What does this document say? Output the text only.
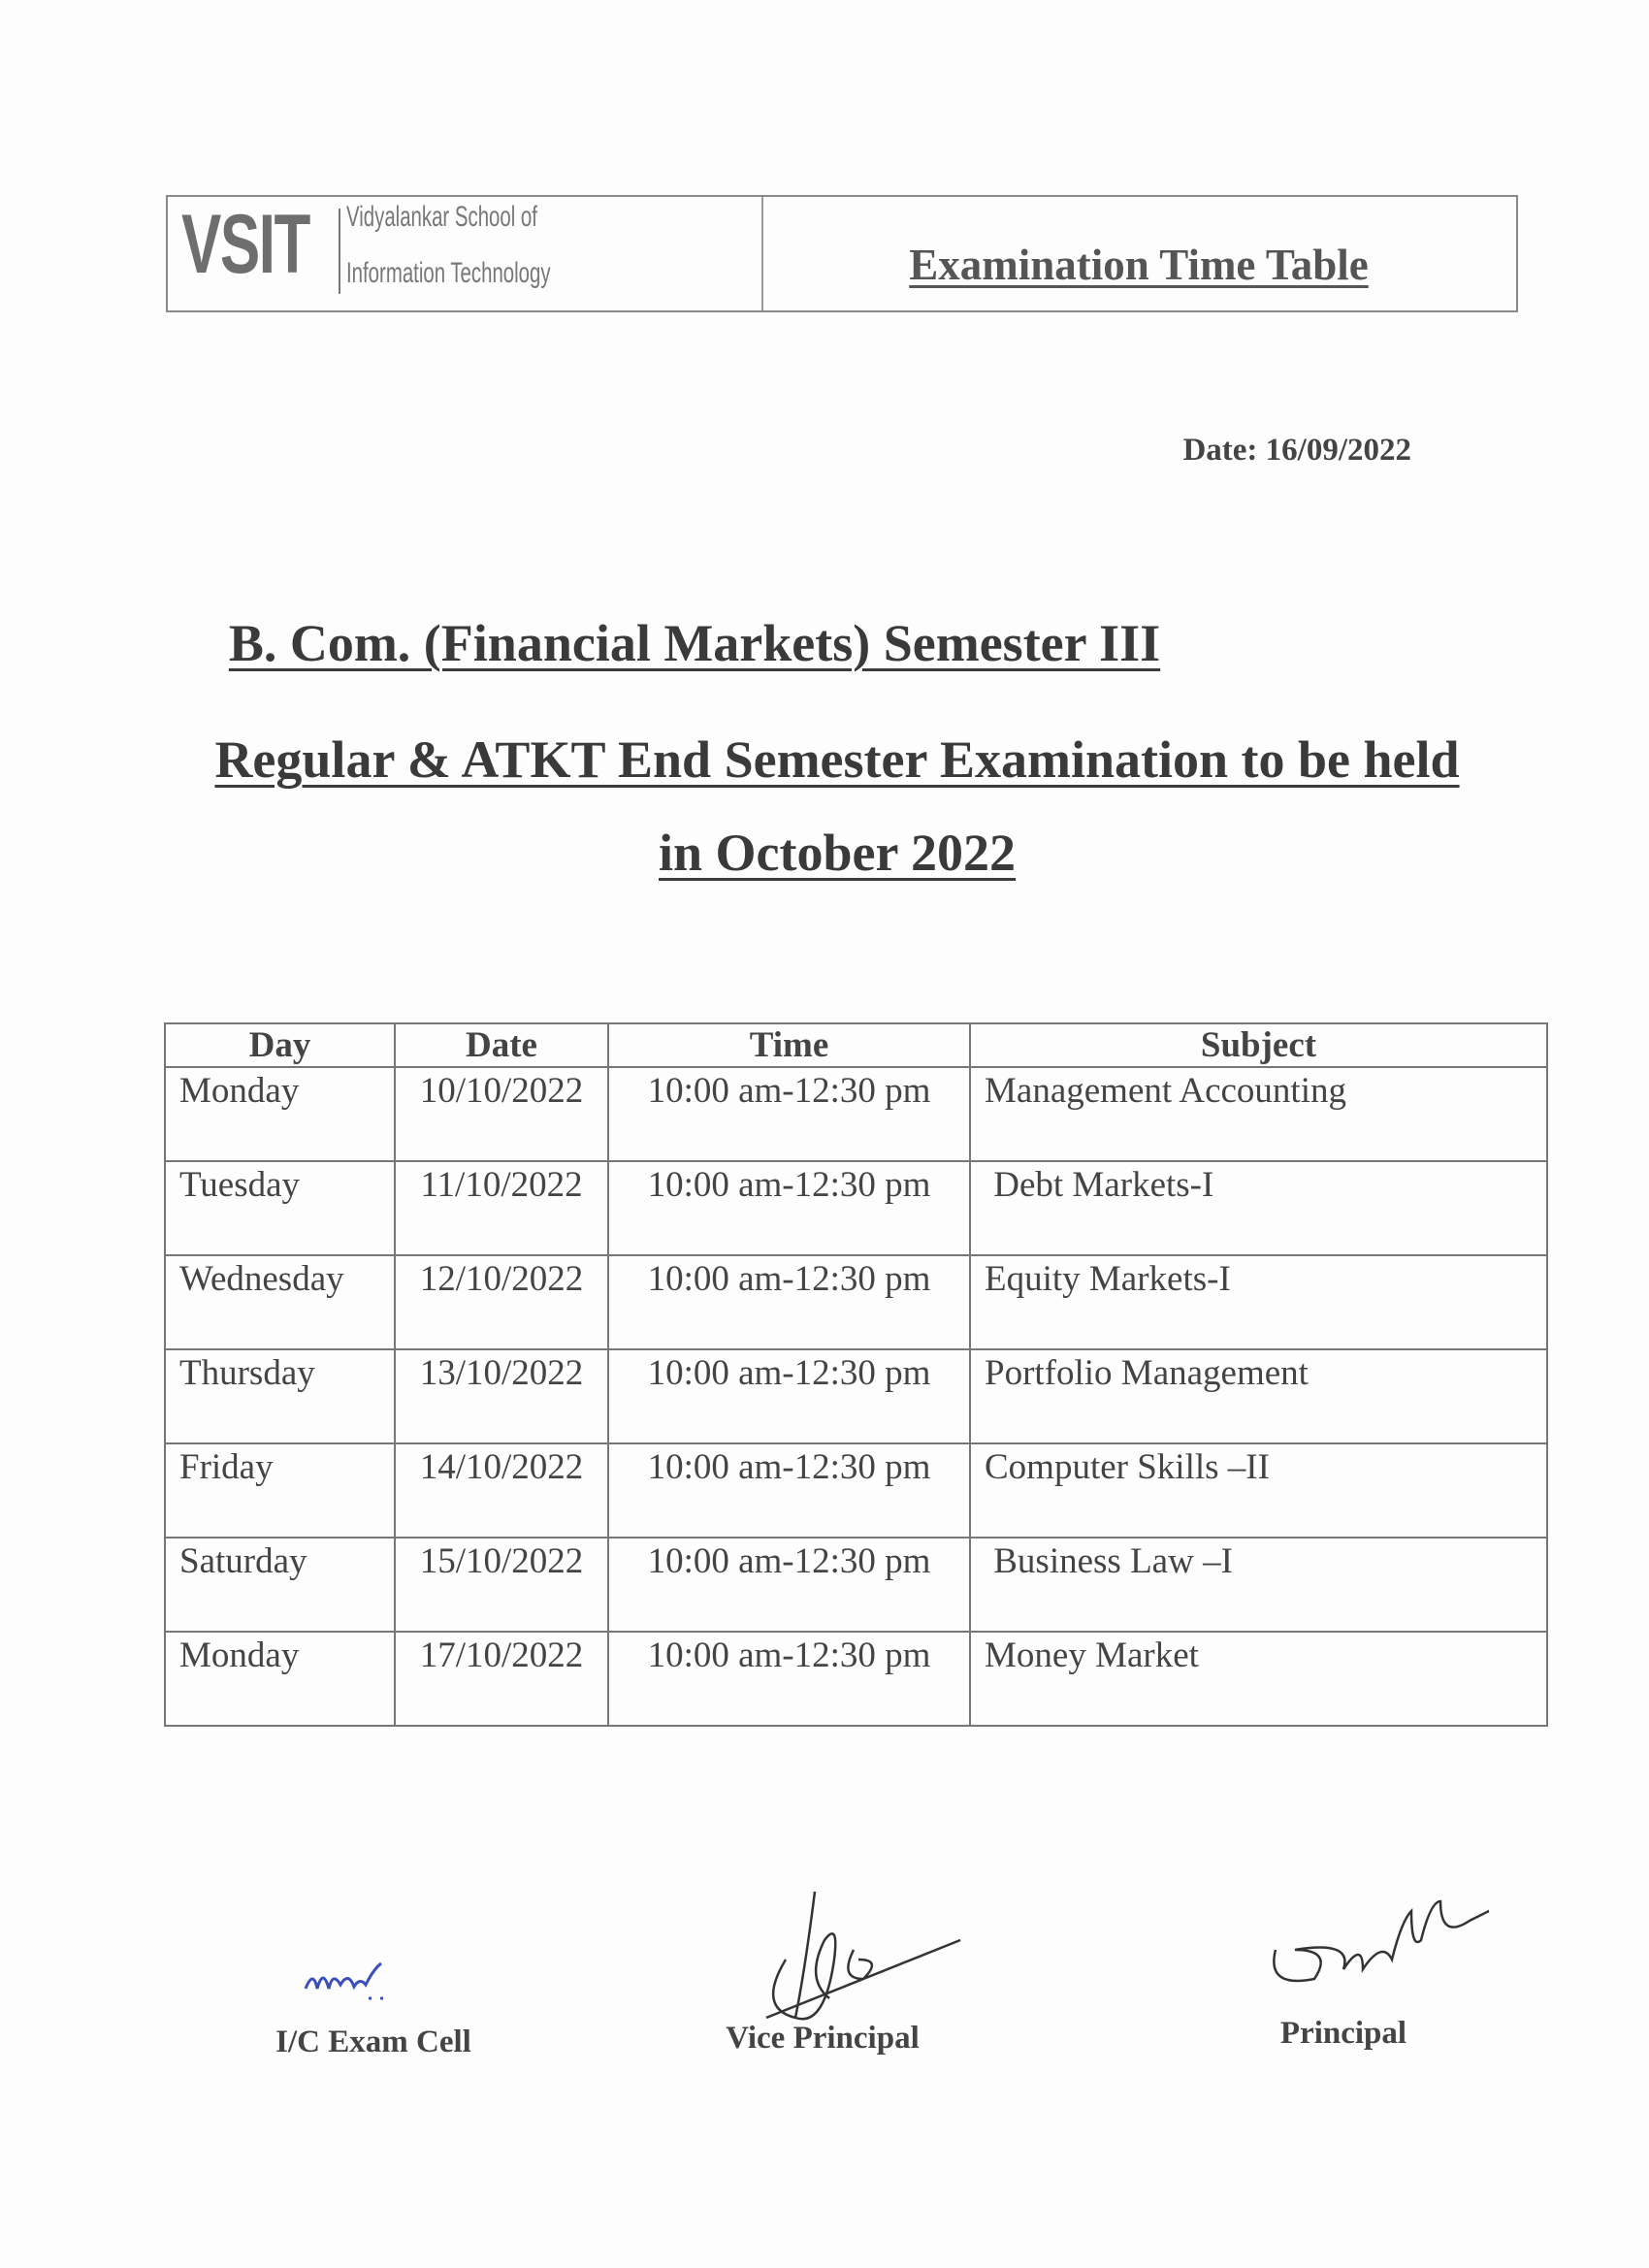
VSIT Vidyalankar School of
Information Technology	Examination Time Table
Date: 16/09/2022
B. Com. (Financial Markets) Semester III
Regular & ATKT End Semester Examination to be held
in October 2022
Day	Date	Time	Subject
Monday	10/10/2022	10:00 am-12:30 pm	Management Accounting
Tuesday	11/10/2022	10:00 am-12:30 pm	Debt Markets-I
Wednesday	12/10/2022	10:00 am-12:30 pm	Equity Markets-I
Thursday	13/10/2022	10:00 am-12:30 pm	Portfolio Management
Friday	14/10/2022	10:00 am-12:30 pm	Computer Skills –II
Saturday	15/10/2022	10:00 am-12:30 pm	Business Law –I
Monday	17/10/2022	10:00 am-12:30 pm	Money Market
I/C Exam Cell	Vice Principal	Principal
